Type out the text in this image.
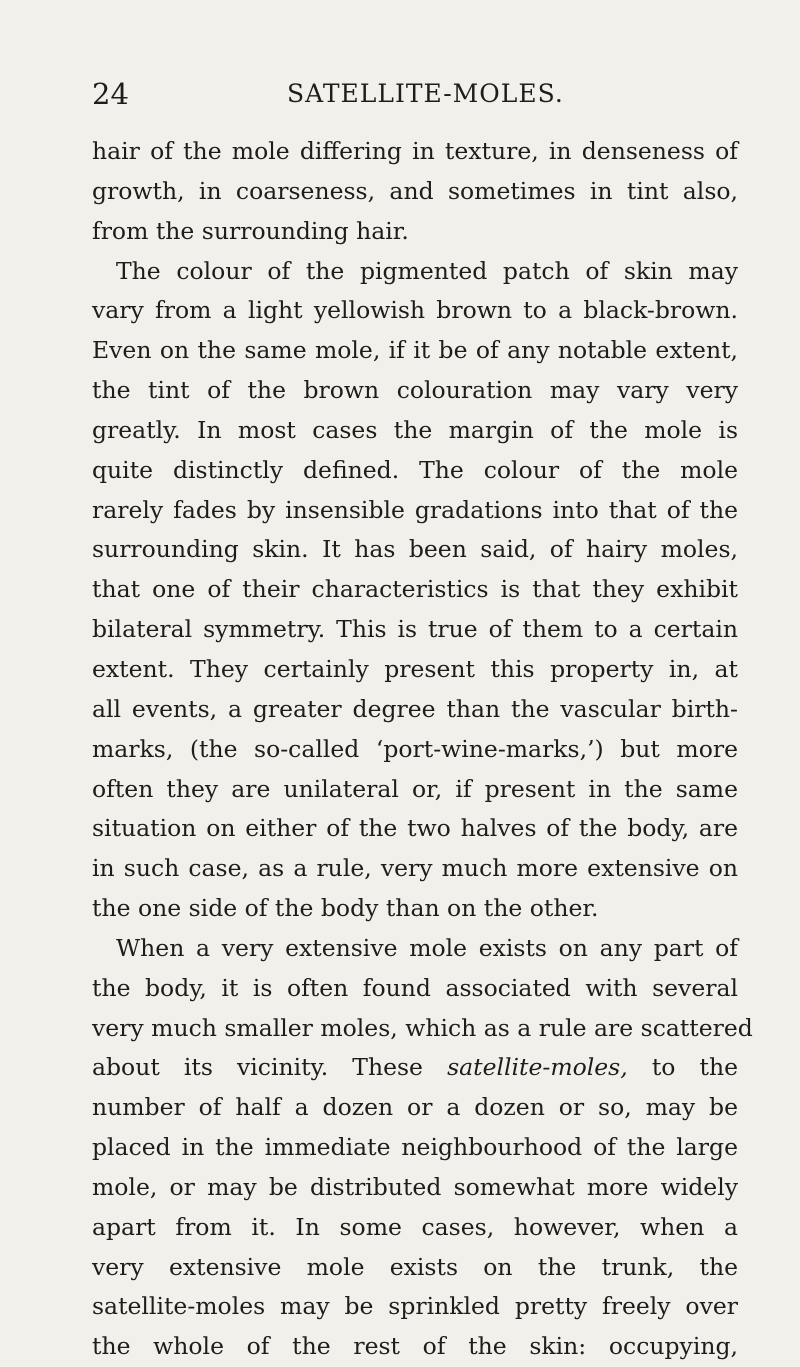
24	SATELLITE-MOLES.
hair of the mole differing in texture, in denseness of
growth, in coarseness, and sometimes in tint also,
from the surrounding hair.
The colour of the pigmented patch of skin may
vary from a light yellowish brown to a black-brown.
Even on the same mole, if it be of any notable extent,
the tint of the brown colouration may vary very
greatly. In most cases the margin of the mole is
quite distinctly defined. The colour of the mole
rarely fades by insensible gradations into that of the
surrounding skin. It has been said, of hairy moles,
that one of their characteristics is that they exhibit
bilateral symmetry. This is true of them to a certain
extent. They certainly present this property in, at
all events, a greater degree than the vascular birth-
marks, (the so-called ‘port-wine-marks,’) but more
often they are unilateral or, if present in the same
situation on either of the two halves of the body, are
in such case, as a rule, very much more extensive on
the one side of the body than on the other.
When a very extensive mole exists on any part of
the body, it is often found associated with several
very much smaller moles, which as a rule are scattered
about its vicinity. These satellite-moles, to the
number of half a dozen or a dozen or so, may be
placed in the immediate neighbourhood of the large
mole, or may be distributed somewhat more widely
apart from it. In some cases, however, when a
very extensive mole exists on the trunk, the
satellite-moles may be sprinkled pretty freely over
the whole of the rest of the skin: occupying,
